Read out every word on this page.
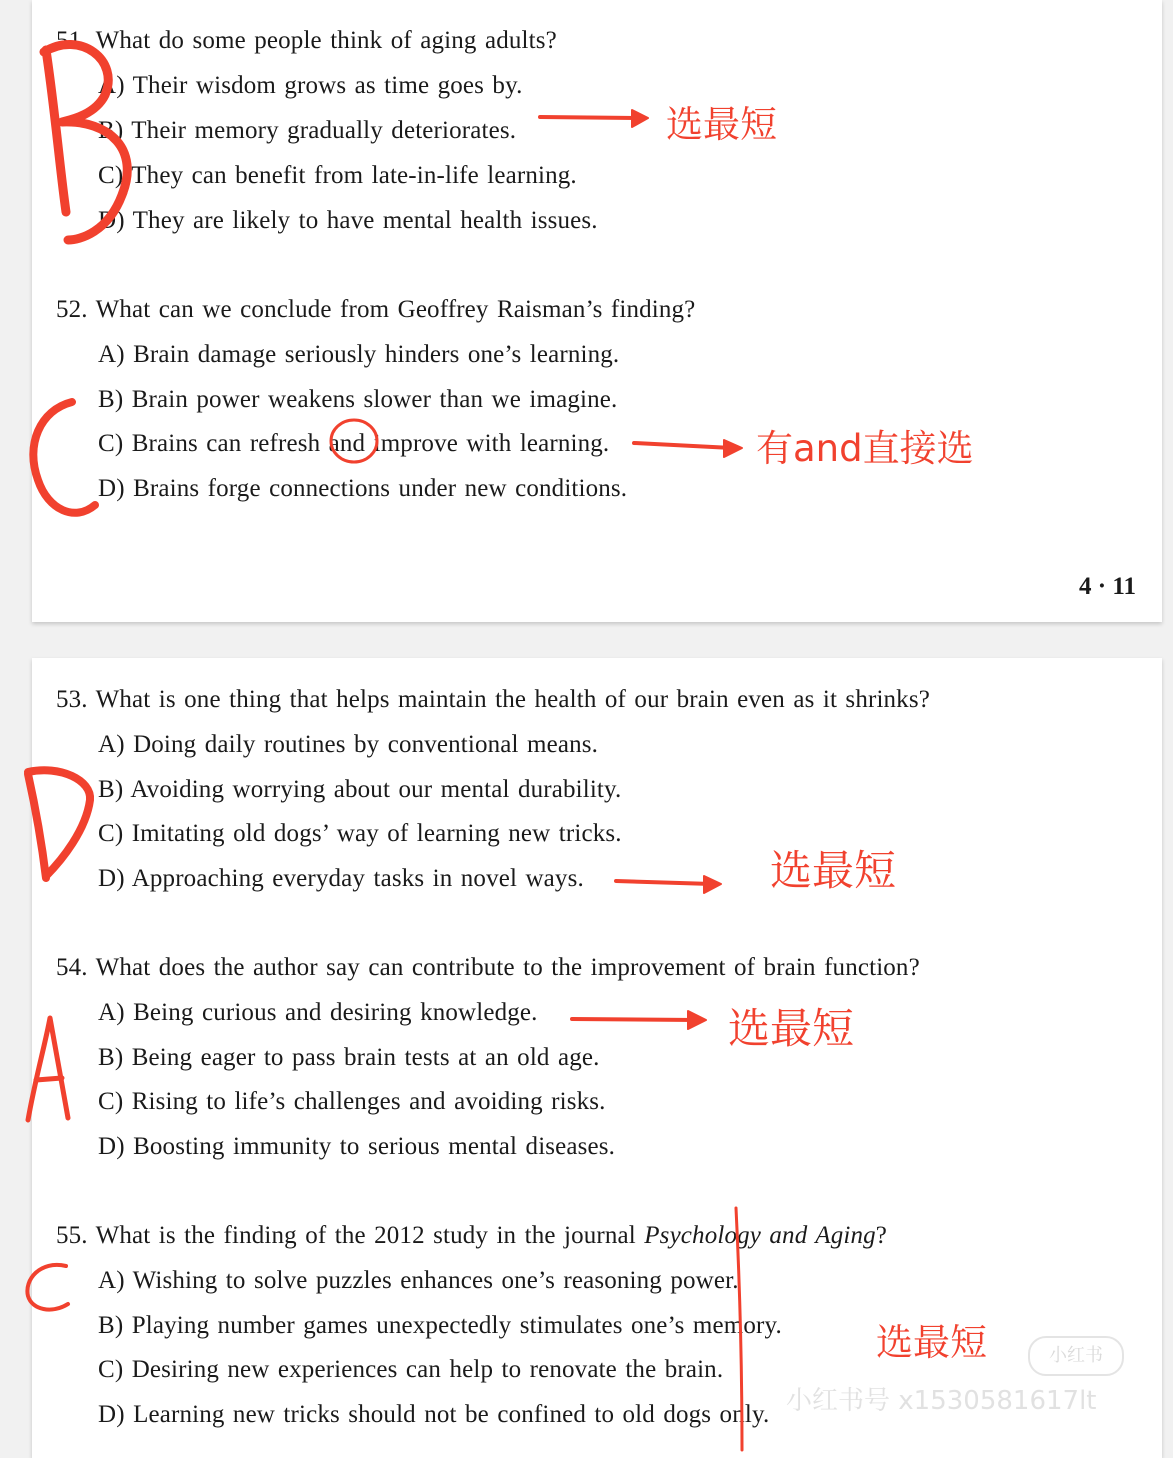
51. What do some people think of aging adults?
A) Their wisdom grows as time goes by.
B) Their memory gradually deteriorates.
C) They can benefit from late-in-life learning.
D) They are likely to have mental health issues.
52. What can we conclude from Geoffrey Raisman’s finding?
A) Brain damage seriously hinders one’s learning.
B) Brain power weakens slower than we imagine.
C) Brains can refresh and improve with learning.
D) Brains forge connections under new conditions.
4 · 11
53. What is one thing that helps maintain the health of our brain even as it shrinks?
A) Doing daily routines by conventional means.
B) Avoiding worrying about our mental durability.
C) Imitating old dogs’ way of learning new tricks.
D) Approaching everyday tasks in novel ways.
54. What does the author say can contribute to the improvement of brain function?
A) Being curious and desiring knowledge.
B) Being eager to pass brain tests at an old age.
C) Rising to life’s challenges and avoiding risks.
D) Boosting immunity to serious mental diseases.
55. What is the finding of the 2012 study in the journal Psychology and Aging?
A) Wishing to solve puzzles enhances one’s reasoning power.
B) Playing number games unexpectedly stimulates one’s memory.
C) Desiring new experiences can help to renovate the brain.
D) Learning new tricks should not be confined to old dogs only.
小红书
小红书号 x1530581617lt
选最短
有and直接选
选最短
选最短
选最短
